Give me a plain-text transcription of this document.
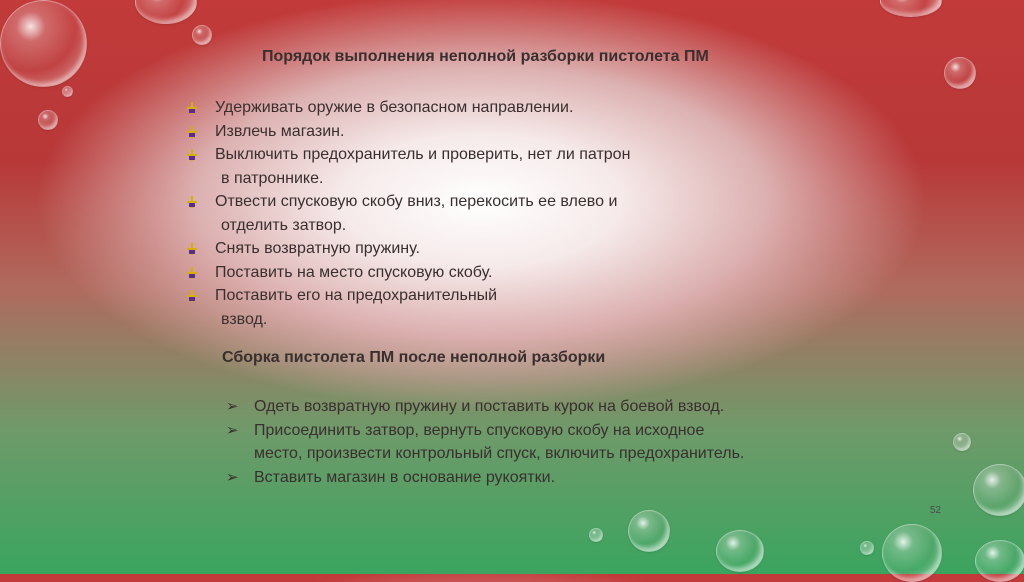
Порядок выполнения неполной разборки пистолета ПМ
Удерживать оружие в безопасном направлении.
Извлечь магазин.
Выключить предохранитель и проверить, нет ли патрон
в патроннике.
Отвести спусковую скобу вниз, перекосить ее влево и
отделить затвор.
Снять возвратную пружину.
Поставить на место спусковую скобу.
Поставить его на предохранительный
взвод.
Сборка пистолета ПМ после неполной разборки
➢ Одеть возвратную пружину и поставить курок на боевой взвод.
➢ Присоединить затвор, вернуть спусковую скобу на исходное
место, произвести контрольный спуск, включить предохранитель.
➢ Вставить магазин в основание рукоятки.
52
